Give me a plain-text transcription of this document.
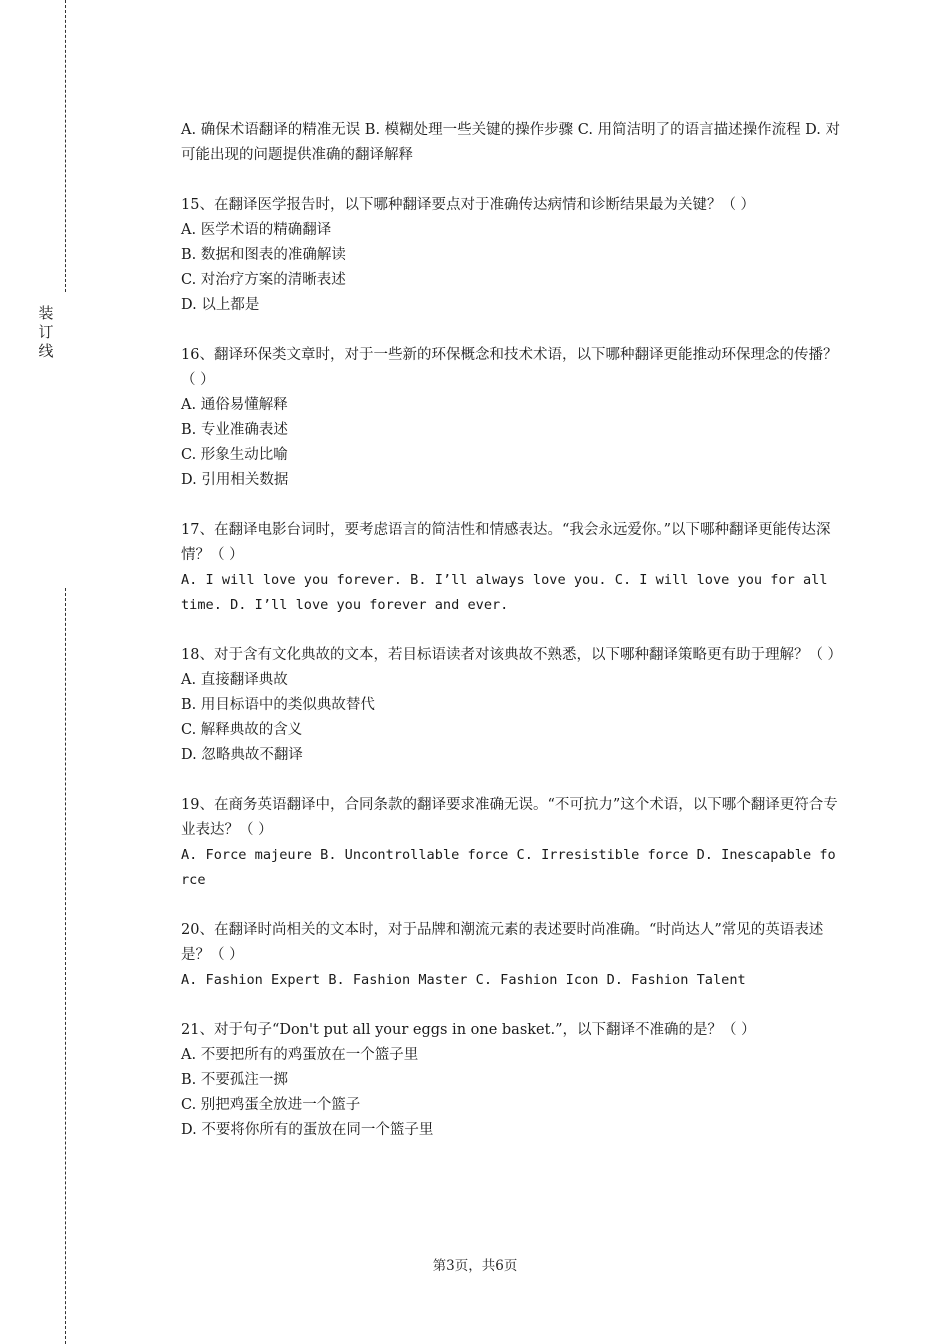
装订线
A. 确保术语翻译的精准无误 B. 模糊处理一些关键的操作步骤 C. 用简洁明了的语言描述操作流程 D. 对可能出现的问题提供准确的翻译解释
15、在翻译医学报告时，以下哪种翻译要点对于准确传达病情和诊断结果最为关键？（ ）
A. 医学术语的精确翻译
B. 数据和图表的准确解读
C. 对治疗方案的清晰表述
D. 以上都是
16、翻译环保类文章时，对于一些新的环保概念和技术术语，以下哪种翻译更能推动环保理念的传播？（ ）
A. 通俗易懂解释
B. 专业准确表述
C. 形象生动比喻
D. 引用相关数据
17、在翻译电影台词时，要考虑语言的简洁性和情感表达。“我会永远爱你。”以下哪种翻译更能传达深情？（ ）
A. I will love you forever. B. I’ll always love you. C. I will love you for all time. D. I’ll love you forever and ever.
18、对于含有文化典故的文本，若目标语读者对该典故不熟悉，以下哪种翻译策略更有助于理解？（ ）
A. 直接翻译典故
B. 用目标语中的类似典故替代
C. 解释典故的含义
D. 忽略典故不翻译
19、在商务英语翻译中，合同条款的翻译要求准确无误。“不可抗力”这个术语，以下哪个翻译更符合专业表达？（ ）
A. Force majeure B. Uncontrollable force C. Irresistible force D. Inescapable force
20、在翻译时尚相关的文本时，对于品牌和潮流元素的表述要时尚准确。“时尚达人”常见的英语表述是？（ ）
A. Fashion Expert B. Fashion Master C. Fashion Icon D. Fashion Talent
21、对于句子“Don't put all your eggs in one basket.”，以下翻译不准确的是？（ ）
A. 不要把所有的鸡蛋放在一个篮子里
B. 不要孤注一掷
C. 别把鸡蛋全放进一个篮子
D. 不要将你所有的蛋放在同一个篮子里
第3页，共6页
